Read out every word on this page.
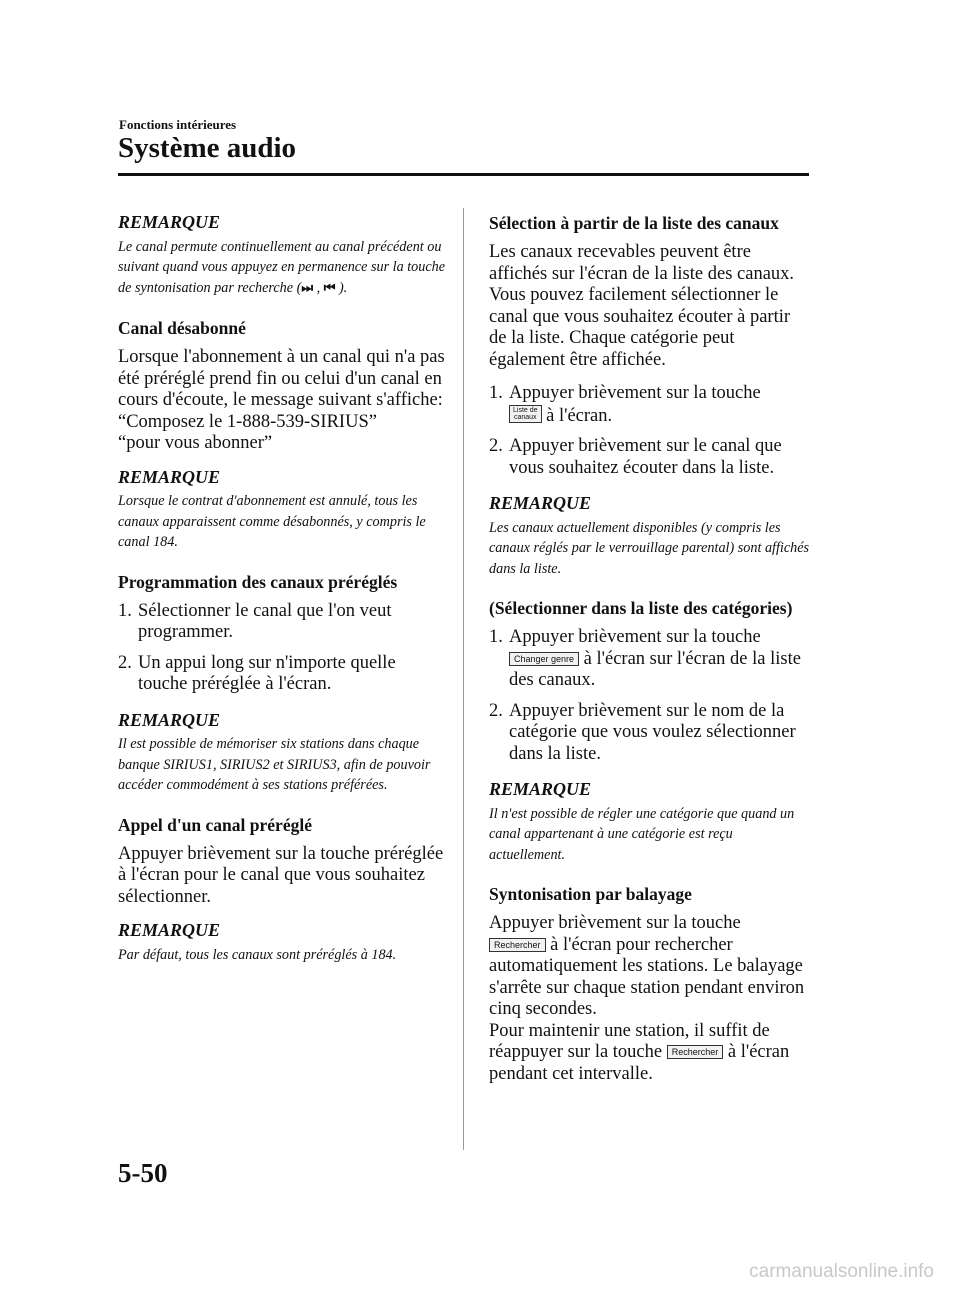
Fonctions intérieures
Système audio
REMARQUE
Le canal permute continuellement au canal précédent ou suivant quand vous appuyez en permanence sur la touche de syntonisation par recherche (⏭ , ⏮ ).
Canal désabonné
Lorsque l'abonnement à un canal qui n'a pas été préréglé prend fin ou celui d'un canal en cours d'écoute, le message suivant s'affiche:
“Composez le 1-888-539-SIRIUS”
“pour vous abonner”
REMARQUE
Lorsque le contrat d'abonnement est annulé, tous les canaux apparaissent comme désabonnés, y compris le canal 184.
Programmation des canaux préréglés
1. Sélectionner le canal que l'on veut programmer.
2. Un appui long sur n'importe quelle touche préréglée à l'écran.
REMARQUE
Il est possible de mémoriser six stations dans chaque banque SIRIUS1, SIRIUS2 et SIRIUS3, afin de pouvoir accéder commodément à ses stations préférées.
Appel d'un canal préréglé
Appuyer brièvement sur la touche préréglée à l'écran pour le canal que vous souhaitez sélectionner.
REMARQUE
Par défaut, tous les canaux sont préréglés à 184.
Sélection à partir de la liste des canaux
Les canaux recevables peuvent être affichés sur l'écran de la liste des canaux. Vous pouvez facilement sélectionner le canal que vous souhaitez écouter à partir de la liste. Chaque catégorie peut également être affichée.
1. Appuyer brièvement sur la touche
Liste de
canaux à l'écran.
2. Appuyer brièvement sur le canal que vous souhaitez écouter dans la liste.
REMARQUE
Les canaux actuellement disponibles (y compris les canaux réglés par le verrouillage parental) sont affichés dans la liste.
(Sélectionner dans la liste des catégories)
1. Appuyer brièvement sur la touche
Changer genre à l'écran sur l'écran de la liste des canaux.
2. Appuyer brièvement sur le nom de la catégorie que vous voulez sélectionner dans la liste.
REMARQUE
Il n'est possible de régler une catégorie que quand un canal appartenant à une catégorie est reçu actuellement.
Syntonisation par balayage
Appuyer brièvement sur la touche
Rechercher à l'écran pour rechercher automatiquement les stations. Le balayage s'arrête sur chaque station pendant environ cinq secondes.
Pour maintenir une station, il suffit de réappuyer sur la touche Rechercher à l'écran pendant cet intervalle.
5-50
carmanualsonline.info
